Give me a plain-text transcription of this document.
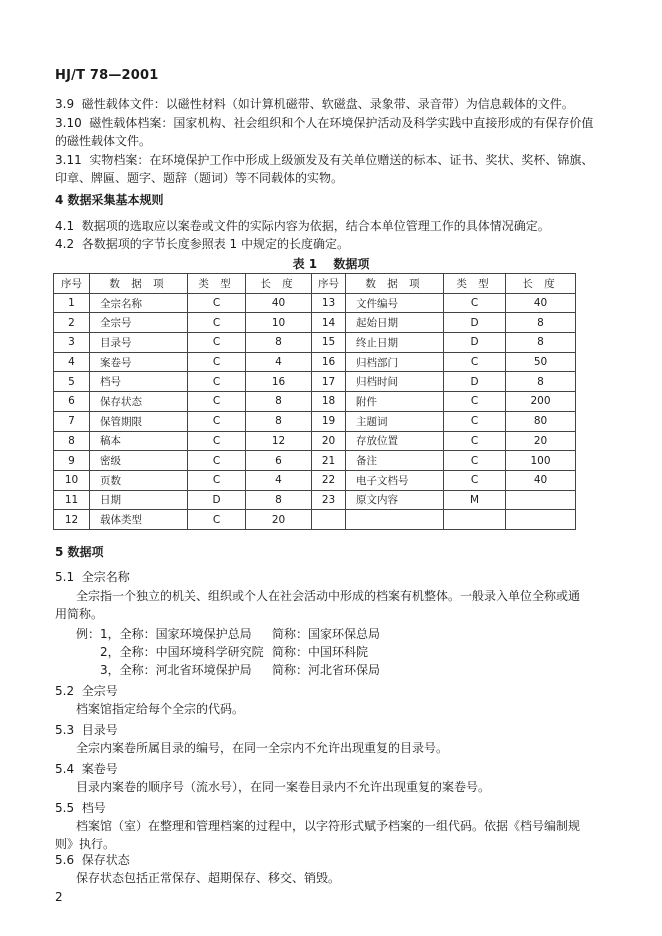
HJ/T 78—2001
3.9 磁性载体文件：以磁性材料（如计算机磁带、软磁盘、录象带、录音带）为信息载体的文件。
3.10 磁性载体档案：国家机构、社会组织和个人在环境保护活动及科学实践中直接形成的有保存价值
的磁性载体文件。
3.11 实物档案：在环境保护工作中形成上级颁发及有关单位赠送的标本、证书、奖状、奖杯、锦旗、
印章、牌匾、题字、题辞（题词）等不同载体的实物。
4 数据采集基本规则
4.1 数据项的选取应以案卷或文件的实际内容为依据，结合本单位管理工作的具体情况确定。
4.2 各数据项的字节长度参照表 1 中规定的长度确定。
表 1 数据项
序号	数 据 项	类 型	长 度	序号	数 据 项	类 型	长 度
1	全宗名称	C	40	13	文件编号	C	40
2	全宗号	C	10	14	起始日期	D	8
3	目录号	C	8	15	终止日期	D	8
4	案卷号	C	4	16	归档部门	C	50
5	档号	C	16	17	归档时间	D	8
6	保存状态	C	8	18	附件	C	200
7	保管期限	C	8	19	主题词	C	80
8	稿本	C	12	20	存放位置	C	20
9	密级	C	6	21	备注	C	100
10	页数	C	4	22	电子文档号	C	40
11	日期	D	8	23	原文内容	M	
12	载体类型	C	20				
5 数据项
5.1 全宗名称
全宗指一个独立的机关、组织或个人在社会活动中形成的档案有机整体。一般录入单位全称或通
用简称。
例： 1，全称：国家环境保护总局 简称：国家环保总局
2，全称：中国环境科学研究院 简称：中国环科院
3，全称：河北省环境保护局 简称：河北省环保局
5.2 全宗号
档案馆指定给每个全宗的代码。
5.3 目录号
全宗内案卷所属目录的编号，在同一全宗内不允许出现重复的目录号。
5.4 案卷号
目录内案卷的顺序号（流水号），在同一案卷目录内不允许出现重复的案卷号。
5.5 档号
档案馆（室）在整理和管理档案的过程中，以字符形式赋予档案的一组代码。依据《档号编制规
则》执行。
5.6 保存状态
保存状态包括正常保存、超期保存、移交、销毁。
2
